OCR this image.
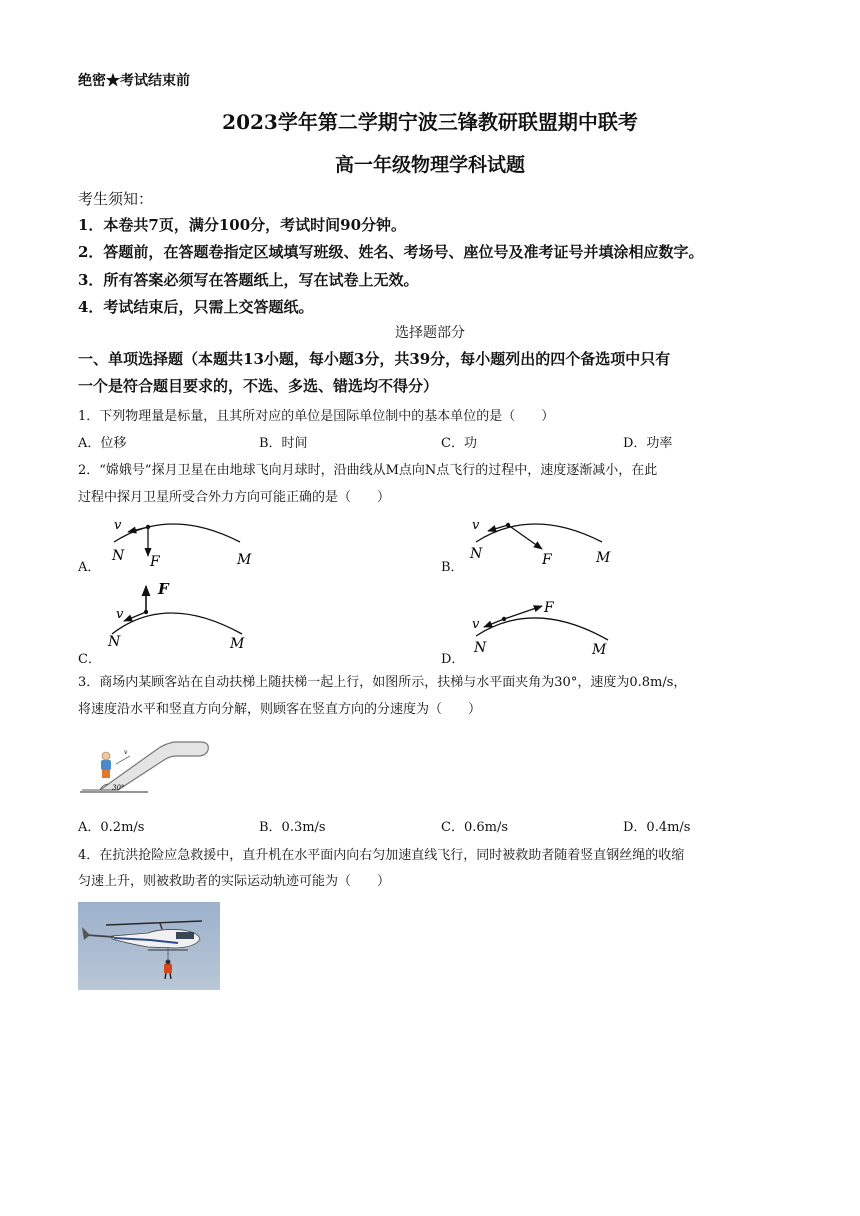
绝密★考试结束前
2023学年第二学期宁波三锋教研联盟期中联考
高一年级物理学科试题
考生须知：
1．本卷共7页，满分100分，考试时间90分钟。
2．答题前，在答题卷指定区域填写班级、姓名、考场号、座位号及准考证号并填涂相应数字。
3．所有答案必须写在答题纸上，写在试卷上无效。
4．考试结束后，只需上交答题纸。
选择题部分
一、单项选择题（本题共13小题，每小题3分，共39分，每小题列出的四个备选项中只有
一个是符合题目要求的，不选、多选、错选均不得分）
1．下列物理量是标量，且其所对应的单位是国际单位制中的基本单位的是（　　）
A．位移	B．时间	C．功	D．功率
2．“嫦娥号”探月卫星在由地球飞向月球时，沿曲线从M点向N点飞行的过程中，速度逐渐减小，在此
过程中探月卫星所受合外力方向可能正确的是（　　）
A．
v
N F	M	B．
v
N	F	M
C．
v
N
F
M
D．
v
N
F
M
3．商场内某顾客站在自动扶梯上随扶梯一起上行，如图所示，扶梯与水平面夹角为30°，速度为0.8m/s，
将速度沿水平和竖直方向分解，则顾客在竖直方向的分速度为（　　）
v
30°
A．0.2m/s	B．0.3m/s	C．0.6m/s	D．0.4m/s
4．在抗洪抢险应急救援中，直升机在水平面内向右匀加速直线飞行，同时被救助者随着竖直钢丝绳的收缩
匀速上升，则被救助者的实际运动轨迹可能为（　　）
